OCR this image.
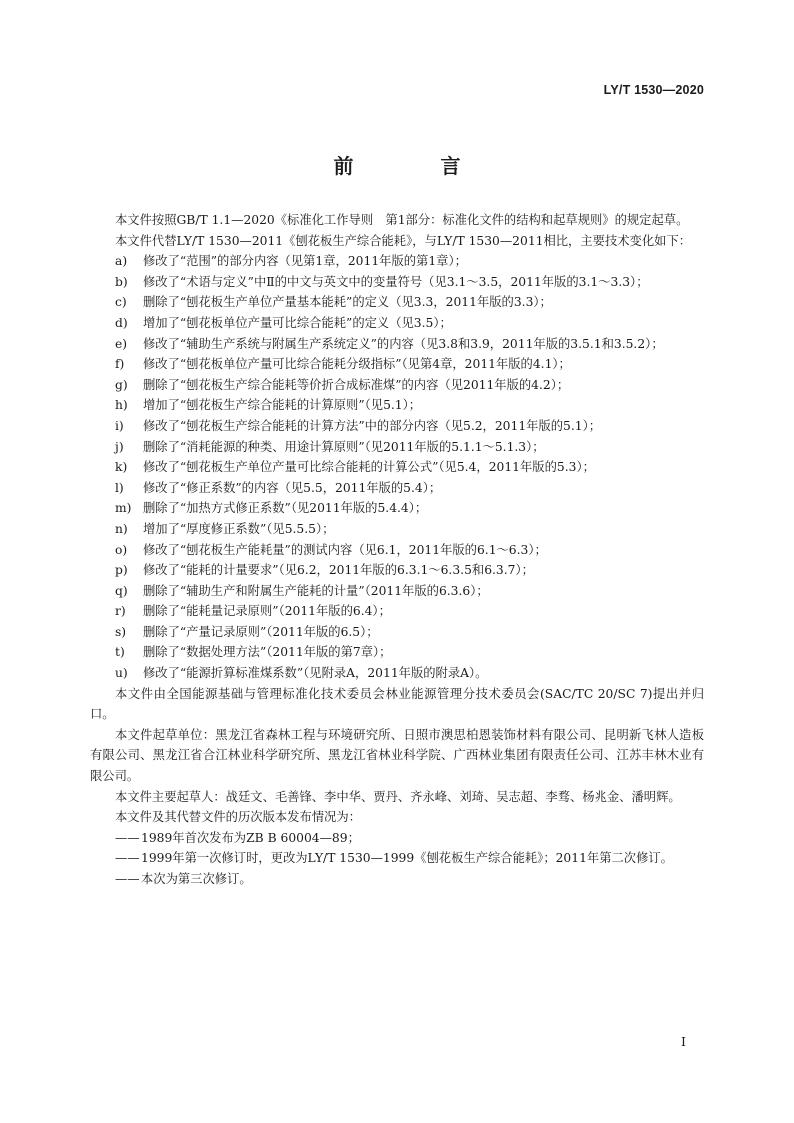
LY/T 1530—2020
前 言

本文件按照GB/T 1.1—2020《标准化工作导则　第1部分：标准化文件的结构和起草规则》的规定起草。

本文件代替LY/T 1530—2011《刨花板生产综合能耗》，与LY/T 1530—2011相比，主要技术变化如下：

a)	修改了“范围”的部分内容（见第1章，2011年版的第1章）；
b)	修改了“术语与定义”中Ⅱ的中文与英文中的变量符号（见3.1～3.5，2011年版的3.1～3.3）；
c)	删除了“刨花板生产单位产量基本能耗”的定义（见3.3，2011年版的3.3）；
d)	增加了“刨花板单位产量可比综合能耗”的定义（见3.5）；
e)	修改了“辅助生产系统与附属生产系统定义”的内容（见3.8和3.9，2011年版的3.5.1和3.5.2）；
f)	修改了“刨花板单位产量可比综合能耗分级指标”（见第4章，2011年版的4.1）；
g)	删除了“刨花板生产综合能耗等价折合成标准煤”的内容（见2011年版的4.2）；
h)	增加了“刨花板生产综合能耗的计算原则”（见5.1）；
i)	修改了“刨花板生产综合能耗的计算方法”中的部分内容（见5.2，2011年版的5.1）；
j)	删除了“消耗能源的种类、用途计算原则”（见2011年版的5.1.1～5.1.3）；
k)	修改了“刨花板生产单位产量可比综合能耗的计算公式”（见5.4，2011年版的5.3）；
l)	修改了“修正系数”的内容（见5.5，2011年版的5.4）；
m) 删除了“加热方式修正系数”（见2011年版的5.4.4）；
n)	增加了“厚度修正系数”（见5.5.5）；
o)	修改了“刨花板生产能耗量”的测试内容（见6.1，2011年版的6.1～6.3）；
p)	修改了“能耗的计量要求”（见6.2，2011年版的6.3.1～6.3.5和6.3.7）；
q)	删除了“辅助生产和附属生产能耗的计量”（2011年版的6.3.6）；
r)	删除了“能耗量记录原则”（2011年版的6.4）；
s)	删除了“产量记录原则”（2011年版的6.5）；
t)	删除了“数据处理方法”（2011年版的第7章）；
u)	修改了“能源折算标准煤系数”（见附录A，2011年版的附录A）。

本文件由全国能源基础与管理标准化技术委员会林业能源管理分技术委员会(SAC/TC 20/SC 7)提出并归口。

本文件起草单位：黑龙江省森林工程与环境研究所、日照市澳思柏恩装饰材料有限公司、昆明新飞林人造板有限公司、黑龙江省合江林业科学研究所、黑龙江省林业科学院、广西林业集团有限责任公司、江苏丰林木业有限公司。

本文件主要起草人：战廷文、毛善锋、李中华、贾丹、齐永峰、刘琦、吴志超、李骛、杨兆金、潘明辉。

本文件及其代替文件的历次版本发布情况为：

—— 1989年首次发布为ZB B 60004—89；
—— 1999年第一次修订时，更改为LY/T 1530—1999《刨花板生产综合能耗》；2011年第二次修订。
—— 本次为第三次修订。
I
